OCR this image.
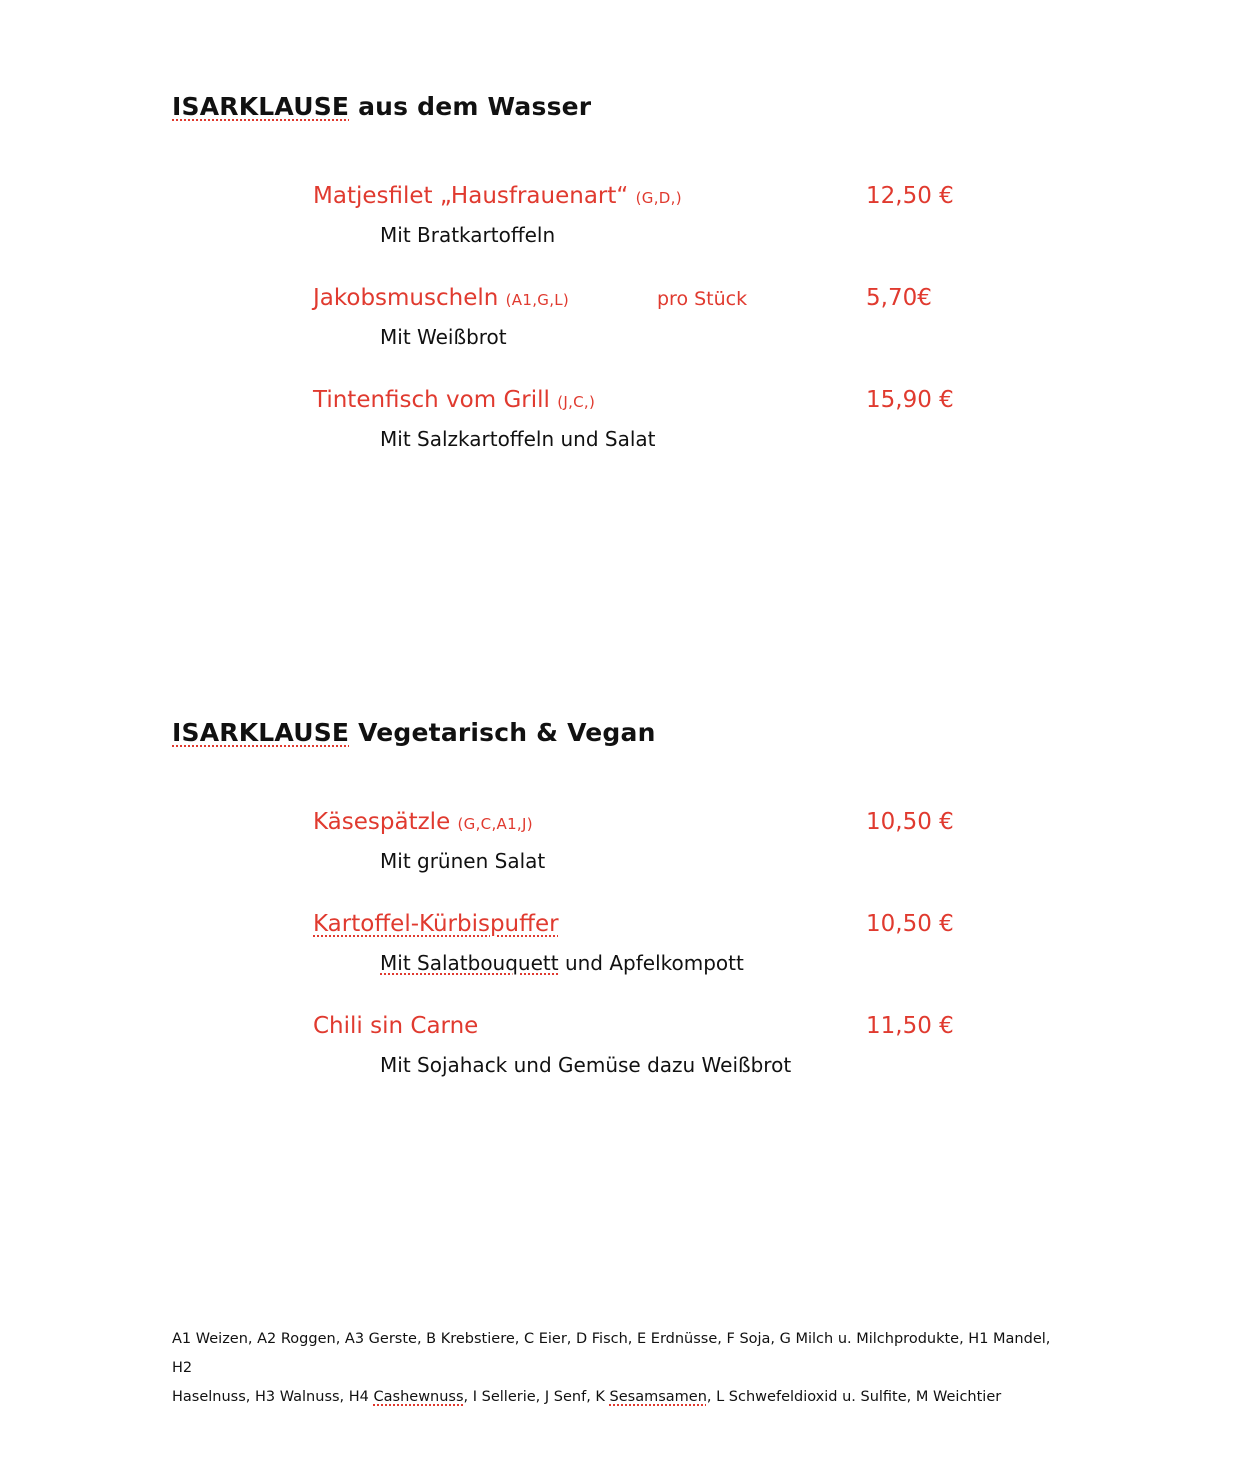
ISARKLAUSE aus dem Wasser
Matjesfilet „Hausfrauenart“ (G,D,)	12,50 €
Mit Bratkartoffeln
Jakobsmuscheln (A1,G,L)	pro Stück	5,70€
Mit Weißbrot
Tintenfisch vom Grill (J,C,)	15,90 €
Mit Salzkartoffeln und Salat
ISARKLAUSE Vegetarisch & Vegan
Käsespätzle (G,C,A1,J)	10,50 €
Mit grünen Salat
Kartoffel-Kürbispuffer	10,50 €
Mit Salatbouquett und Apfelkompott
Chili sin Carne	11,50 €
Mit Sojahack und Gemüse dazu Weißbrot
A1 Weizen, A2 Roggen, A3 Gerste, B Krebstiere, C Eier, D Fisch, E Erdnüsse, F Soja, G Milch u. Milchprodukte, H1 Mandel, H2
Haselnuss, H3 Walnuss, H4 Cashewnuss, I Sellerie, J Senf, K Sesamsamen, L Schwefeldioxid u. Sulfite, M Weichtier
